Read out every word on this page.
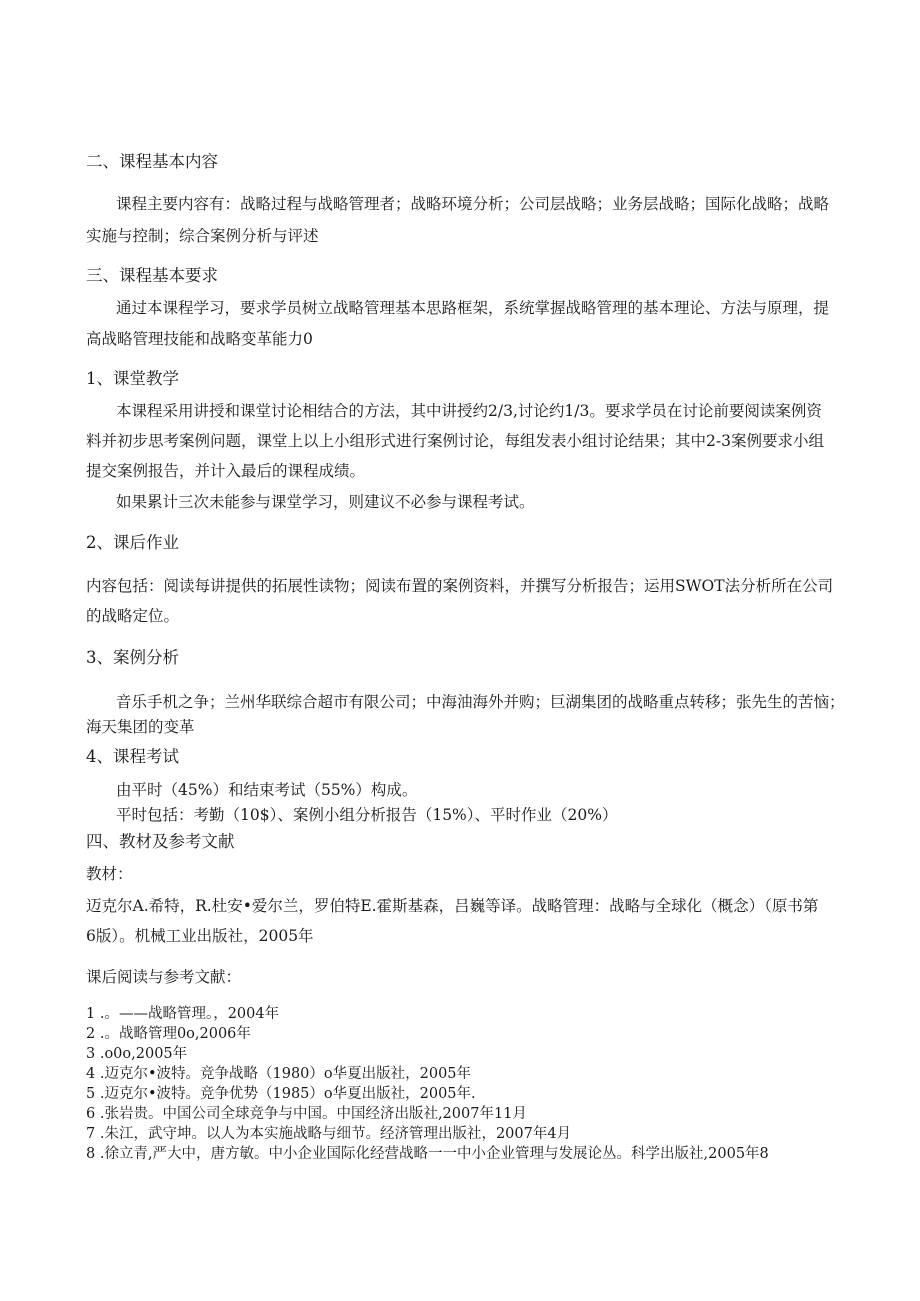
二、课程基本内容
课程主要内容有：战略过程与战略管理者；战略环境分析；公司层战略；业务层战略；国际化战略；战略
实施与控制；综合案例分析与评述
三、课程基本要求
通过本课程学习，要求学员树立战略管理基本思路框架，系统掌握战略管理的基本理论、方法与原理，提
高战略管理技能和战略变革能力0
1、课堂教学
本课程采用讲授和课堂讨论相结合的方法，其中讲授约2/3,讨论约1/3。要求学员在讨论前要阅读案例资
料并初步思考案例问题，课堂上以上小组形式进行案例讨论，每组发表小组讨论结果；其中2-3案例要求小组
提交案例报告，并计入最后的课程成绩。
如果累计三次未能参与课堂学习，则建议不必参与课程考试。
2、课后作业
内容包括：阅读每讲提供的拓展性读物；阅读布置的案例资料，并撰写分析报告；运用SWOT法分析所在公司
的战略定位。
3、案例分析
音乐手机之争；兰州华联综合超市有限公司；中海油海外并购；巨湖集团的战略重点转移；张先生的苦恼；
海天集团的变革
4、课程考试
由平时（45%）和结束考试（55%）构成。
平时包括：考勤（10$）、案例小组分析报告（15%）、平时作业（20%）
四、教材及参考文献
教材：
迈克尔A.希特，R.杜安•爱尔兰，罗伯特E.霍斯基森，吕巍等译。战略管理：战略与全球化（概念）（原书第
6版）。机械工业出版社，2005年
课后阅读与参考文献：
1 .。——战略管理。，2004年
2 .。战略管理0o,2006年
3 .o0o,2005年
4 .迈克尔•波特。竞争战略（1980）o华夏出版社，2005年
5 .迈克尔•波特。竞争优势（1985）o华夏出版社，2005年.
6 .张岩贵。中国公司全球竞争与中国。中国经济出版社,2007年11月
7 .朱江，武守坤。以人为本实施战略与细节。经济管理出版社，2007年4月
8 .徐立青,严大中，唐方敏。中小企业国际化经营战略一一中小企业管理与发展论丛。科学出版社,2005年8
